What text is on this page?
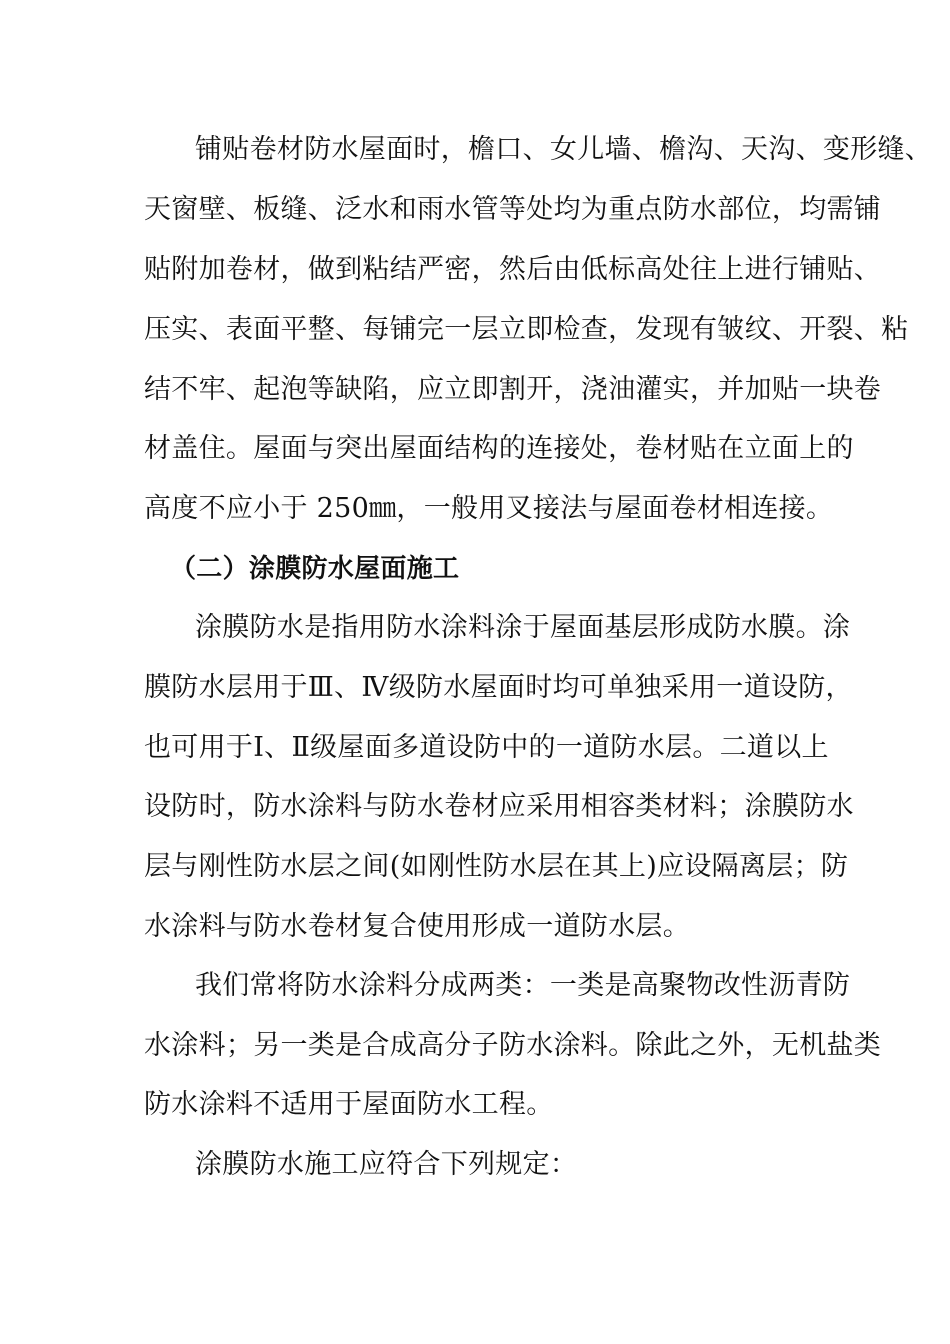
铺贴卷材防水屋面时，檐口、女儿墙、檐沟、天沟、变形缝、
天窗壁、板缝、泛水和雨水管等处均为重点防水部位，均需铺
贴附加卷材，做到粘结严密，然后由低标高处往上进行铺贴、
压实、表面平整、每铺完一层立即检查，发现有皱纹、开裂、粘
结不牢、起泡等缺陷，应立即割开，浇油灌实，并加贴一块卷
材盖住。屋面与突出屋面结构的连接处，卷材贴在立面上的
高度不应小于 250㎜，一般用叉接法与屋面卷材相连接。
（二）涂膜防水屋面施工
涂膜防水是指用防水涂料涂于屋面基层形成防水膜。涂
膜防水层用于Ⅲ、Ⅳ级防水屋面时均可单独采用一道设防，
也可用于Ⅰ、Ⅱ级屋面多道设防中的一道防水层。二道以上
设防时，防水涂料与防水卷材应采用相容类材料；涂膜防水
层与刚性防水层之间(如刚性防水层在其上)应设隔离层；防
水涂料与防水卷材复合使用形成一道防水层。
我们常将防水涂料分成两类：一类是高聚物改性沥青防
水涂料；另一类是合成高分子防水涂料。除此之外，无机盐类
防水涂料不适用于屋面防水工程。
涂膜防水施工应符合下列规定：
